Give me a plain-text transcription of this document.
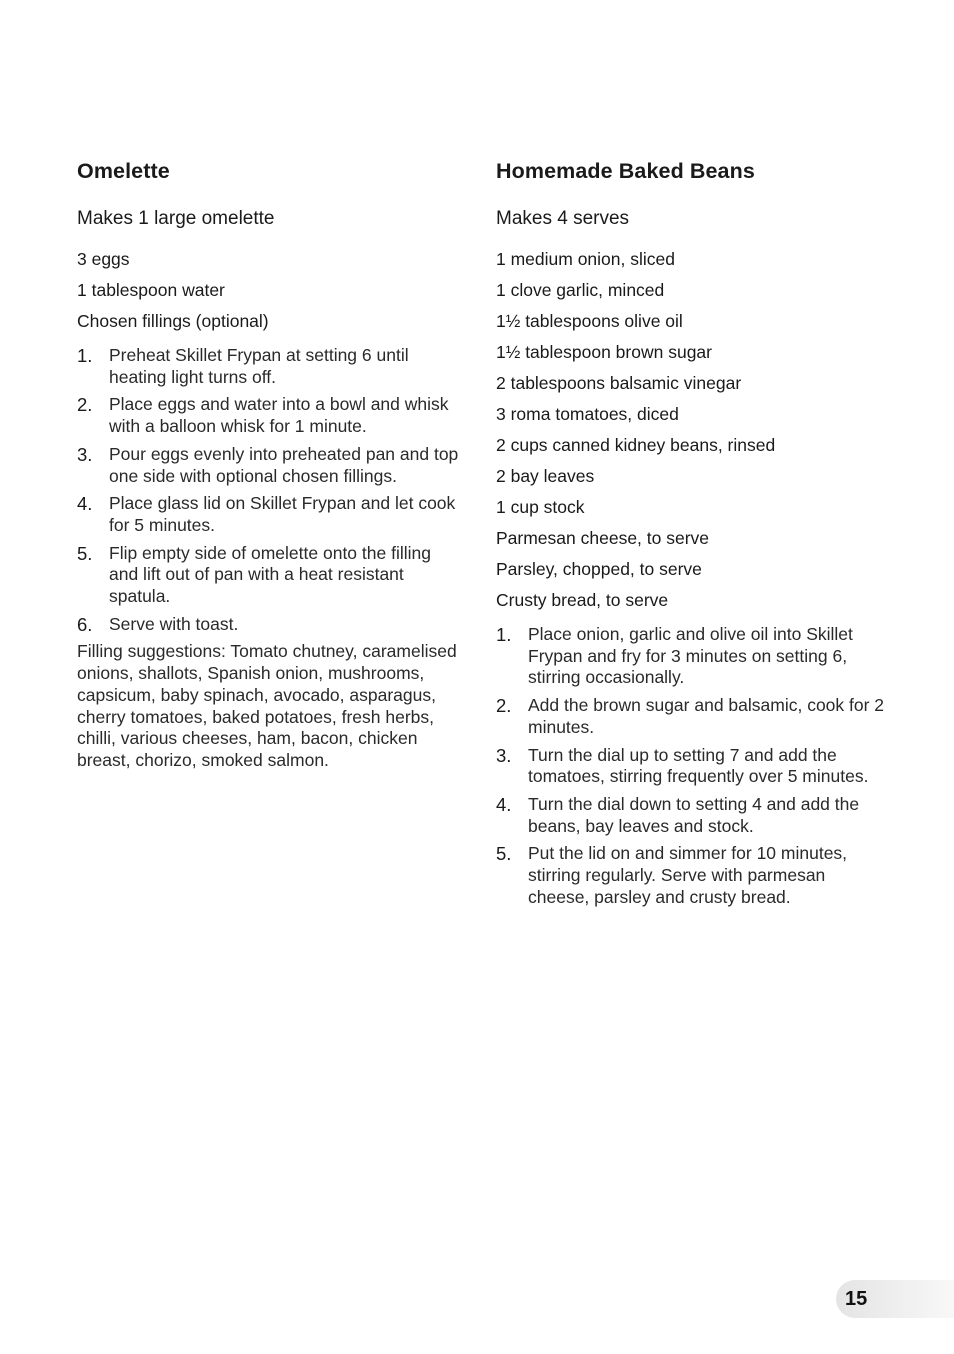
Omelette
Makes 1 large omelette
3 eggs
1 tablespoon water
Chosen fillings (optional)
1. Preheat Skillet Frypan at setting 6 until heating light turns off.
2. Place eggs and water into a bowl and whisk with a balloon whisk for 1 minute.
3. Pour eggs evenly into preheated pan and top one side with optional chosen fillings.
4. Place glass lid on Skillet Frypan and let cook for 5 minutes.
5. Flip empty side of omelette onto the filling and lift out of pan with a heat resistant spatula.
6. Serve with toast.

Filling suggestions: Tomato chutney, caramelised onions, shallots, Spanish onion, mushrooms, capsicum, baby spinach, avocado, asparagus, cherry tomatoes, baked potatoes, fresh herbs, chilli, various cheeses, ham, bacon, chicken breast, chorizo, smoked salmon.

Homemade Baked Beans
Makes 4 serves
1 medium onion, sliced
1 clove garlic, minced
1½ tablespoons olive oil
1½ tablespoon brown sugar
2 tablespoons balsamic vinegar
3 roma tomatoes, diced
2 cups canned kidney beans, rinsed
2 bay leaves
1 cup stock
Parmesan cheese, to serve
Parsley, chopped, to serve
Crusty bread, to serve
1. Place onion, garlic and olive oil into Skillet Frypan and fry for 3 minutes on setting 6, stirring occasionally.
2. Add the brown sugar and balsamic, cook for 2 minutes.
3. Turn the dial up to setting 7 and add the tomatoes, stirring frequently over 5 minutes.
4. Turn the dial down to setting 4 and add the beans, bay leaves and stock.
5. Put the lid on and simmer for 10 minutes, stirring regularly. Serve with parmesan cheese, parsley and crusty bread.
15
